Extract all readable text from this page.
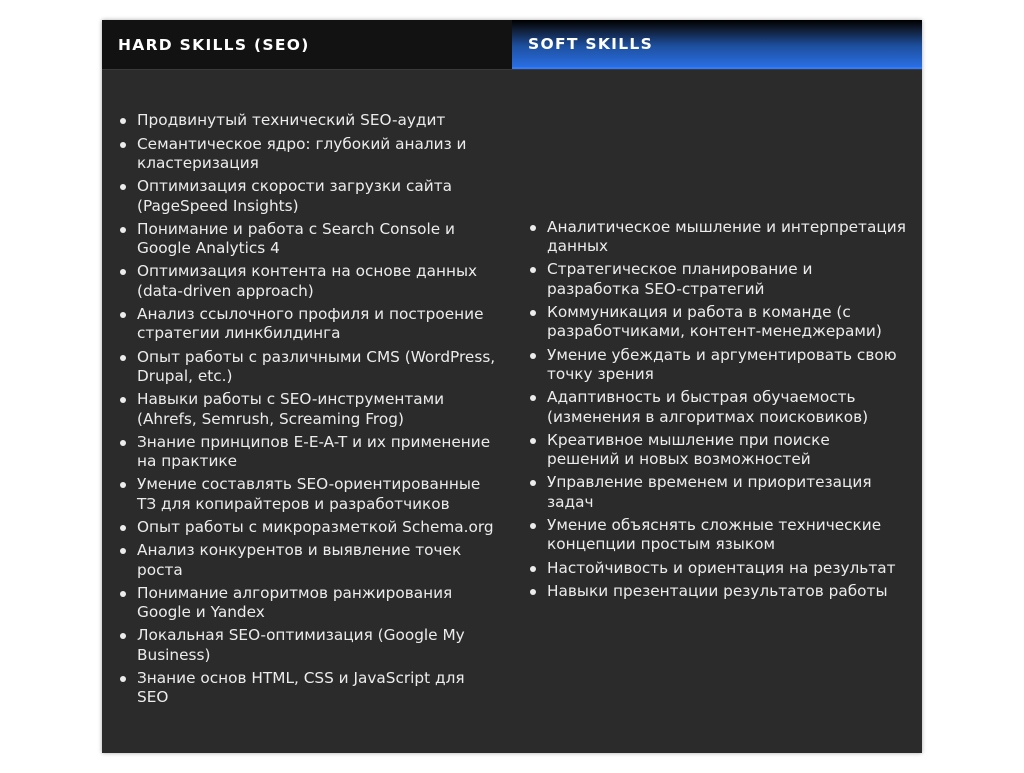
HARD SKILLS (SEO)	SOFT SKILLS
Продвинутый технический SEO-аудит
Семантическое ядро: глубокий анализ и кластеризация
Оптимизация скорости загрузки сайта (PageSpeed Insights)
Понимание и работа с Search Console и Google Analytics 4
Оптимизация контента на основе данных (data-driven approach)
Анализ ссылочного профиля и построение стратегии линкбилдинга
Опыт работы с различными CMS (WordPress, Drupal, etc.)
Навыки работы с SEO-инструментами (Ahrefs, Semrush, Screaming Frog)
Знание принципов E-E-A-T и их применение на практике
Умение составлять SEO-ориентированные ТЗ для копирайтеров и разработчиков
Опыт работы с микроразметкой Schema.org
Анализ конкурентов и выявление точек роста
Понимание алгоритмов ранжирования Google и Yandex
Локальная SEO-оптимизация (Google My Business)
Знание основ HTML, CSS и JavaScript для SEO
Аналитическое мышление и интерпретация данных
Стратегическое планирование и разработка SEO-стратегий
Коммуникация и работа в команде (с разработчиками, контент-менеджерами)
Умение убеждать и аргументировать свою точку зрения
Адаптивность и быстрая обучаемость (изменения в алгоритмах поисковиков)
Креативное мышление при поиске решений и новых возможностей
Управление временем и приоритезация задач
Умение объяснять сложные технические концепции простым языком
Настойчивость и ориентация на результат
Навыки презентации результатов работы
